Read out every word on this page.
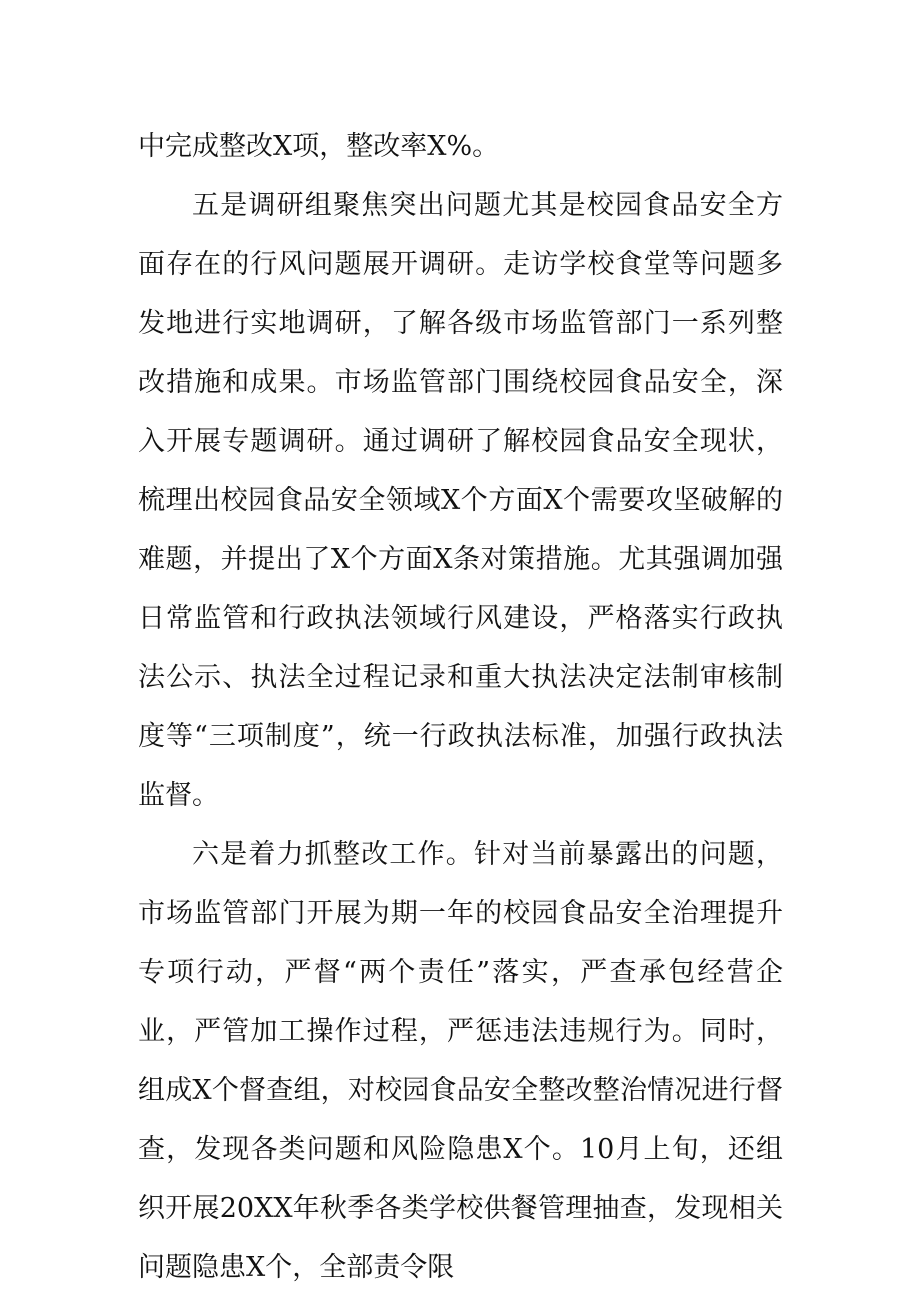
中完成整改X项，整改率X%。

五是调研组聚焦突出问题尤其是校园食品安全方面存在的行风问题展开调研。走访学校食堂等问题多发地进行实地调研，了解各级市场监管部门一系列整改措施和成果。市场监管部门围绕校园食品安全，深入开展专题调研。通过调研了解校园食品安全现状，梳理出校园食品安全领域X个方面X个需要攻坚破解的难题，并提出了X个方面X条对策措施。尤其强调加强日常监管和行政执法领域行风建设，严格落实行政执法公示、执法全过程记录和重大执法决定法制审核制度等“三项制度”，统一行政执法标准，加强行政执法监督。

六是着力抓整改工作。针对当前暴露出的问题，市场监管部门开展为期一年的校园食品安全治理提升专项行动，严督“两个责任”落实，严查承包经营企业，严管加工操作过程，严惩违法违规行为。同时，组成X个督查组，对校园食品安全整改整治情况进行督查，发现各类问题和风险隐患X个。10月上旬，还组织开展20XX年秋季各类学校供餐管理抽查，发现相关问题隐患X个，全部责令限
